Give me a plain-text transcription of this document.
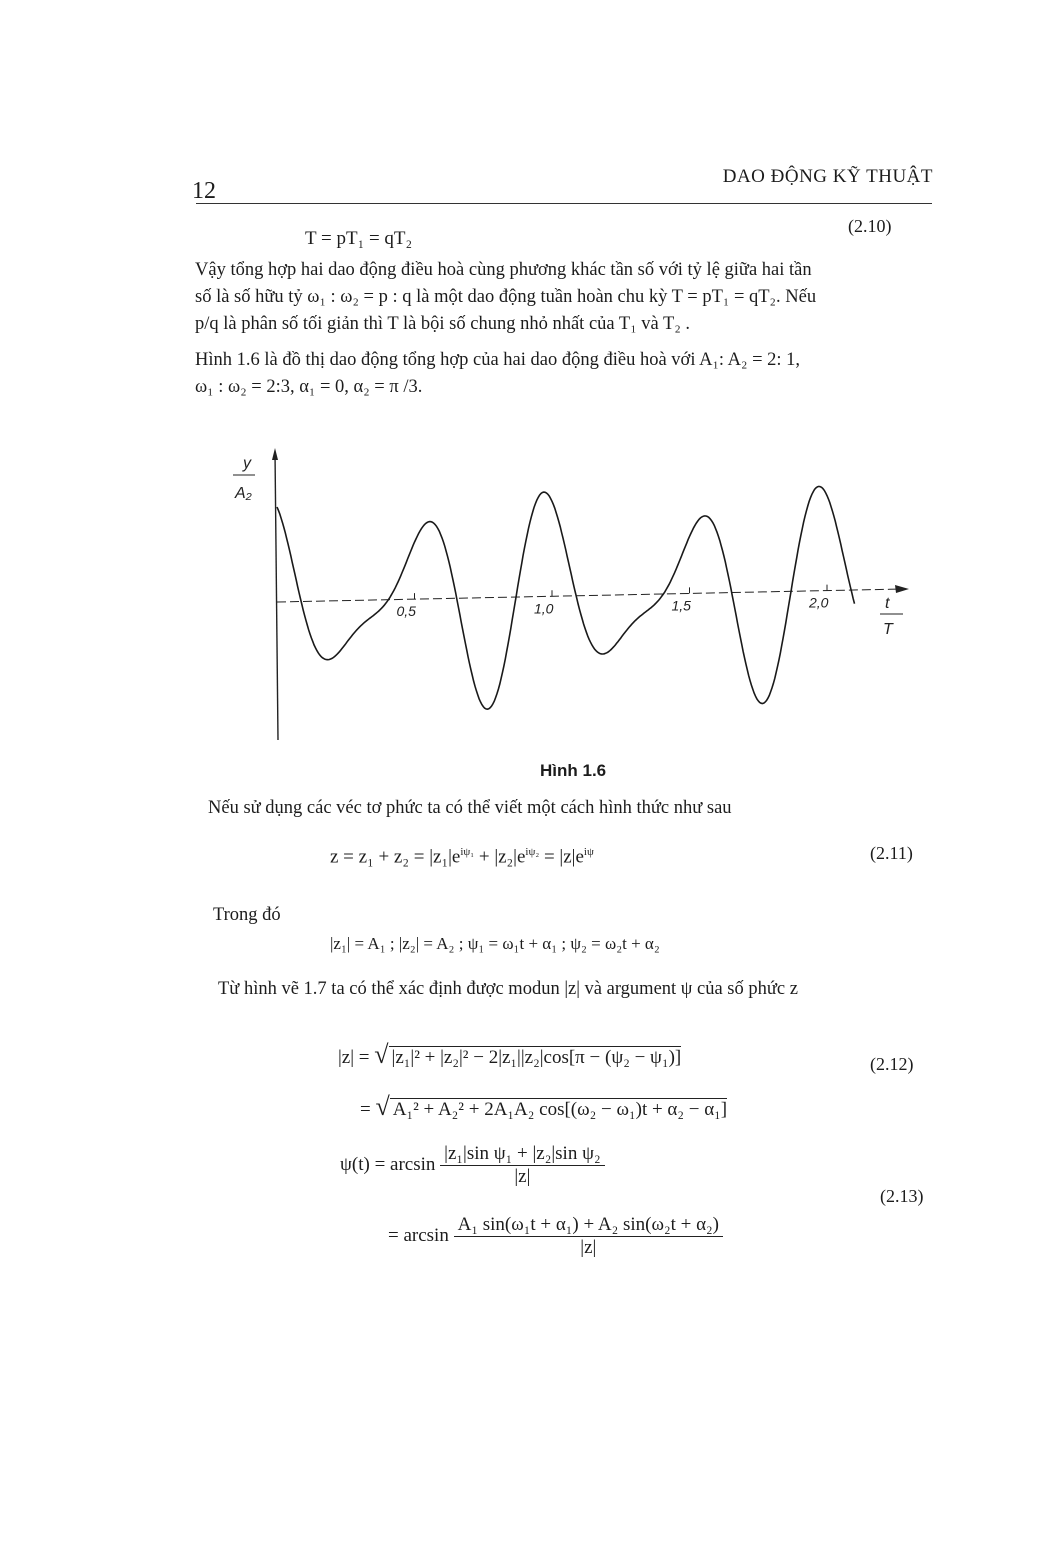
12
DAO ĐỘNG KỸ THUẬT
T = pT₁ = qT₂
(2.10)
Vậy tổng hợp hai dao động điều hoà cùng phương khác tần số với tỷ lệ giữa hai tần
số là số hữu tỷ ω₁ : ω₂ = p : q là một dao động tuần hoàn chu kỳ T = pT₁ = qT₂. Nếu
p/q là phân số tối giản thì T là bội số chung nhỏ nhất của T₁ và T₂ .
Hình 1.6 là đồ thị dao động tổng hợp của hai dao động điều hoà với A₁: A₂ = 2: 1,
ω₁ : ω₂ = 2:3, α₁ = 0, α₂ = π /3.
y
A₂
t
T
0,5	1,0	1,5	2,0
Hình 1.6
Nếu sử dụng các véc tơ phức ta có thể viết một cách hình thức như sau
$z = z_1 + z_2 = |z_1|e^{i\psi_1} + |z_2|e^{i\psi_2} = |z|e^{i\psi}$	(2.11)
Trong đó
|z₁| = A₁ ; |z₂| = A₂ ; ψ₁ = ω₁t + α₁ ; ψ₂ = ω₂t + α₂
Từ hình vẽ 1.7 ta có thể xác định được modun |z| và argument ψ của số phức z
|z| = √ |z₁|² + |z₂|² − 2|z₁||z₂|cos[π − (ψ₂ − ψ₁)]	(2.12)
= √ A₁² + A₂² + 2A₁A₂ cos[(ω₂ − ω₁)t + α₂ − α₁]
$\psi(t) = \arcsin \frac{\text{|z₁|sin ψ₁ + |z₂|sin ψ₂}}{|z|}$
(2.13)
= $\arcsin \frac{\text{A₁ sin(ω₁t + α₁) + A₂ sin(ω₂t + α₂)}}{|z|}$
